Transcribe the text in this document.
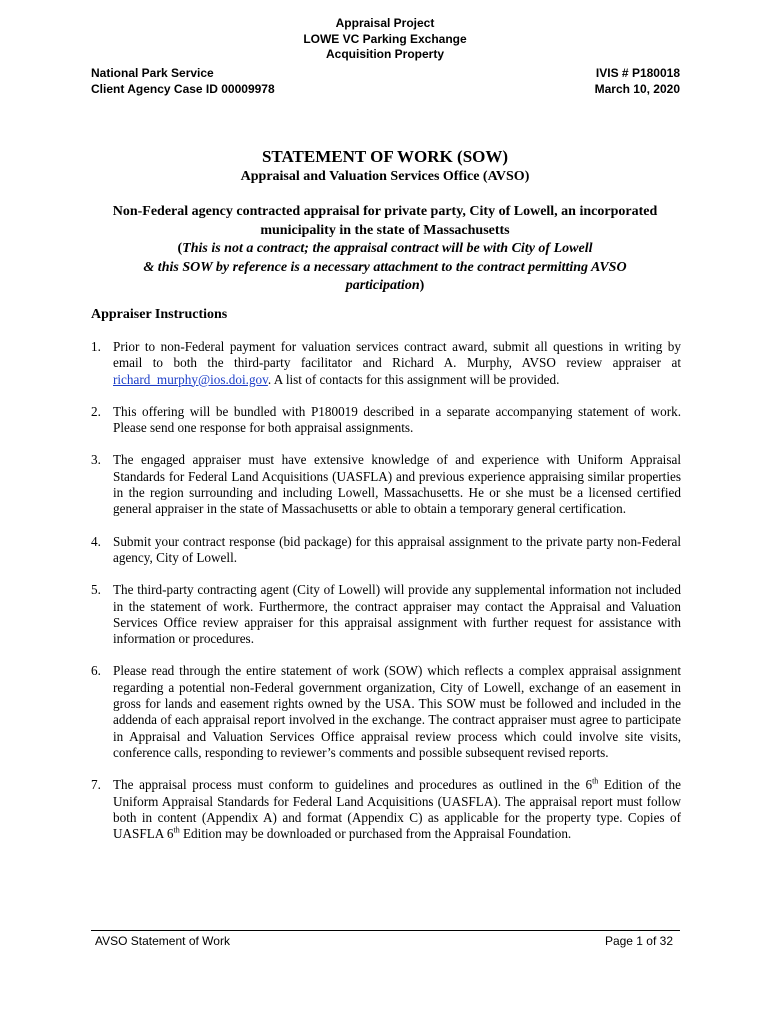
Appraisal Project
LOWE VC Parking Exchange
Acquisition Property
National Park Service
Client Agency Case ID 00009978
IVIS # P180018
March 10, 2020
STATEMENT OF WORK (SOW)
Appraisal and Valuation Services Office (AVSO)
Non-Federal agency contracted appraisal for private party, City of Lowell, an incorporated
municipality in the state of Massachusetts
(This is not a contract; the appraisal contract will be with City of Lowell
& this SOW by reference is a necessary attachment to the contract permitting AVSO
participation)
Appraiser Instructions
1. Prior to non-Federal payment for valuation services contract award, submit all questions in writing by email to both the third-party facilitator and Richard A. Murphy, AVSO review appraiser at richard_murphy@ios.doi.gov. A list of contacts for this assignment will be provided.
2. This offering will be bundled with P180019 described in a separate accompanying statement of work. Please send one response for both appraisal assignments.
3. The engaged appraiser must have extensive knowledge of and experience with Uniform Appraisal Standards for Federal Land Acquisitions (UASFLA) and previous experience appraising similar properties in the region surrounding and including Lowell, Massachusetts. He or she must be a licensed certified general appraiser in the state of Massachusetts or able to obtain a temporary general certification.
4. Submit your contract response (bid package) for this appraisal assignment to the private party non-Federal agency, City of Lowell.
5. The third-party contracting agent (City of Lowell) will provide any supplemental information not included in the statement of work. Furthermore, the contract appraiser may contact the Appraisal and Valuation Services Office review appraiser for this appraisal assignment with further request for assistance with information or procedures.
6. Please read through the entire statement of work (SOW) which reflects a complex appraisal assignment regarding a potential non-Federal government organization, City of Lowell, exchange of an easement in gross for lands and easement rights owned by the USA. This SOW must be followed and included in the addenda of each appraisal report involved in the exchange. The contract appraiser must agree to participate in Appraisal and Valuation Services Office appraisal review process which could involve site visits, conference calls, responding to reviewer’s comments and possible subsequent revised reports.
7. The appraisal process must conform to guidelines and procedures as outlined in the 6th Edition of the Uniform Appraisal Standards for Federal Land Acquisitions (UASFLA). The appraisal report must follow both in content (Appendix A) and format (Appendix C) as applicable for the property type. Copies of UASFLA 6th Edition may be downloaded or purchased from the Appraisal Foundation.
AVSO Statement of Work	Page 1 of 32
